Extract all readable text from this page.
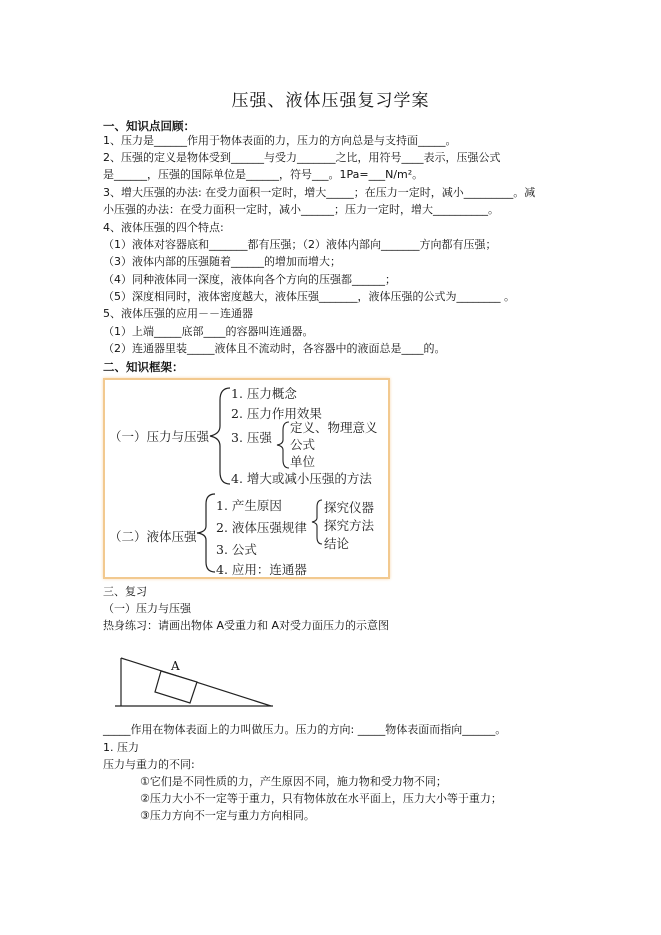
压强、液体压强复习学案
一、知识点回顾：
1、压力是______作用于物体表面的力，压力的方向总是与支持面_____。
2、压强的定义是物体受到______与受力_______之比，用符号____表示，压强公式
是______，压强的国际单位是______，符号___。1Pa=___N/m²。
3、增大压强的办法: 在受力面积一定时，增大_____；在压力一定时，减小_________。减
小压强的办法：在受力面积一定时，减小______；压力一定时，增大__________。
4、液体压强的四个特点:
（1）液体对容器底和_______都有压强；（2）液体内部向_______方向都有压强；
（3）液体内部的压强随着______的增加而增大；
（4）同种液体同一深度，液体向各个方向的压强都______；
（5）深度相同时，液体密度越大，液体压强_______，液体压强的公式为________ 。
5、液体压强的应用－－连通器
（1）上端_____底部____的容器叫连通器。
（2）连通器里装_____液体且不流动时，各容器中的液面总是____的。
二、知识框架：
（一）压力与压强
1. 压力概念
2. 压力作用效果
3. 压强
4. 增大或减小压强的方法
定义、物理意义
公式
单位
（二）液体压强
1. 产生原因
2. 液体压强规律
3. 公式
4. 应用：连通器
探究仪器
探究方法
结论
三、复习
（一）压力与压强
热身练习：请画出物体 A受重力和 A对受力面压力的示意图
A
_____作用在物体表面上的力叫做压力。压力的方向: _____物体表面而指向______。
1. 压力
压力与重力的不同:
①它们是不同性质的力，产生原因不同，施力物和受力物不同；
②压力大小不一定等于重力，只有物体放在水平面上，压力大小等于重力；
③压力方向不一定与重力方向相同。
